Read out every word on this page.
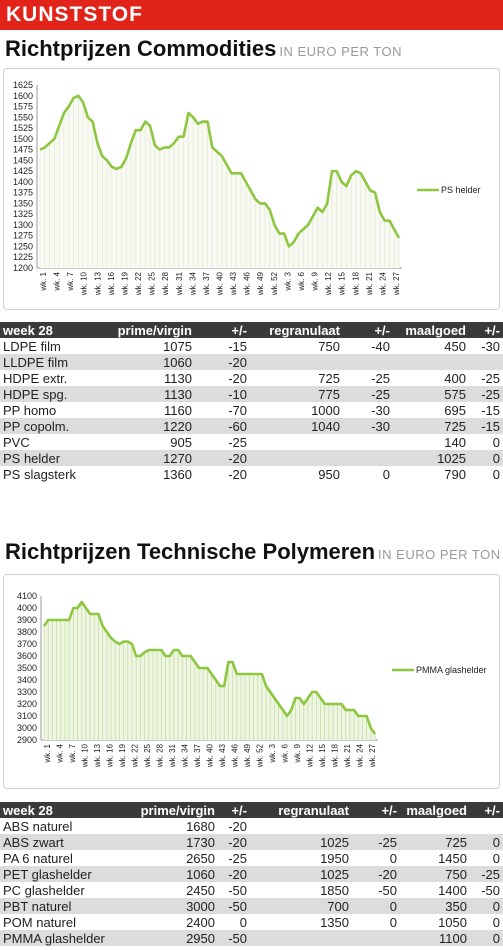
KUNSTSTOF
Richtprijzen Commodities IN EURO PER TON
1200
1225
1250
1275
1300
1325
1350
1375
1400
1425
1450
1475
1500
1525
1550
1575
1600
1625
wk. 1 wk. 4 wk. 7 wk. 10 wk. 13 wk. 16 wk. 19 wk. 22 wk. 25 wk. 28 wk. 31 wk. 34 wk. 37 wk. 40 wk. 43 wk. 46 wk. 49 wk. 52 wk. 3 wk. 6 wk. 9 wk. 12 wk. 15 wk. 18 wk. 21 wk. 24 wk. 27
PS helder
week 28	prime/virgin	+/-	regranulaat	+/-	maalgoed	+/-
LDPE film	1075	-15	750	-40	450	-30
LLDPE film	1060	-20				
HDPE extr.	1130	-20	725	-25	400	-25
HDPE spg.	1130	-10	775	-25	575	-25
PP homo	1160	-70	1000	-30	695	-15
PP copolm.	1220	-60	1040	-30	725	-15
PVC	905	-25			140	0
PS helder	1270	-20			1025	0
PS slagsterk	1360	-20	950	0	790	0
Richtprijzen Technische Polymeren IN EURO PER TON
2900
3000
3100
3200
3300
3400
3500
3600
3700
3800
3900
4000
4100
wk. 1 wk. 4 wk. 7 wk. 10 wk. 13 wk. 16 wk. 19 wk. 22 wk. 25 wk. 28 wk. 31 wk. 34 wk. 37 wk. 40 wk. 43 wk. 46 wk. 49 wk. 52 wk. 3 wk. 6 wk. 9 wk. 12 wk. 15 wk. 18 wk. 21 wk. 24 wk. 27
PMMA glashelder
week 28	prime/virgin	+/-	regranulaat	+/-	maalgoed	+/-
ABS naturel	1680	-20				
ABS zwart	1730	-20	1025	-25	725	0
PA 6 naturel	2650	-25	1950	0	1450	0
PET glashelder	1060	-20	1025	-20	750	-25
PC glashelder	2450	-50	1850	-50	1400	-50
PBT naturel	3000	-50	700	0	350	0
POM naturel	2400	0	1350	0	1050	0
PMMA glashelder	2950	-50			1100	0
